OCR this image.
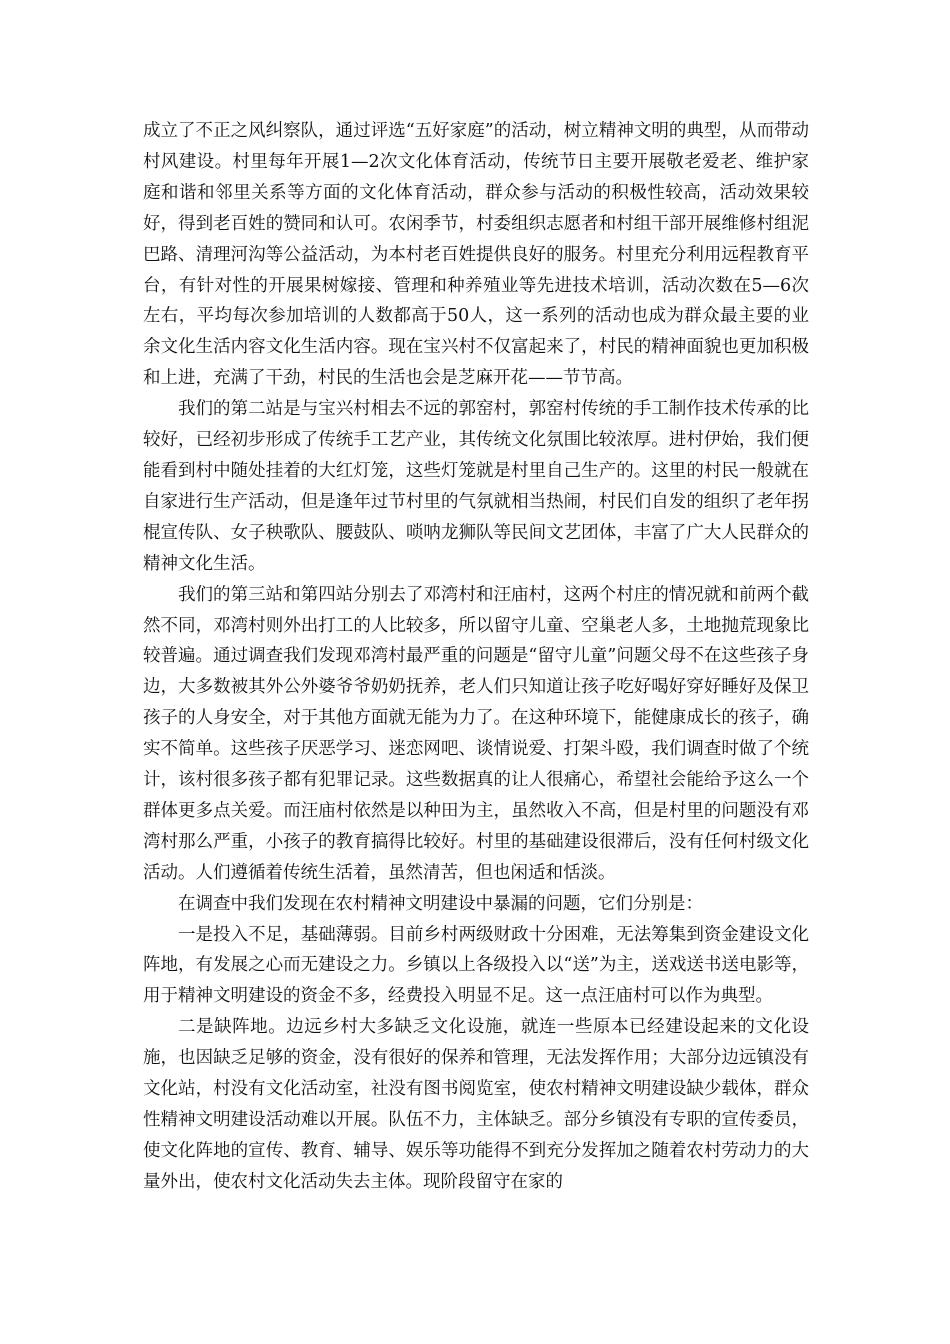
成立了不正之风纠察队，通过评选“五好家庭”的活动，树立精神文明的典型，从而带动村风建设。村里每年开展1—2次文化体育活动，传统节日主要开展敬老爱老、维护家庭和谐和邻里关系等方面的文化体育活动，群众参与活动的积极性较高，活动效果较好，得到老百姓的赞同和认可。农闲季节，村委组织志愿者和村组干部开展维修村组泥巴路、清理河沟等公益活动，为本村老百姓提供良好的服务。村里充分利用远程教育平台，有针对性的开展果树嫁接、管理和种养殖业等先进技术培训，活动次数在5—6次左右，平均每次参加培训的人数都高于50人，这一系列的活动也成为群众最主要的业余文化生活内容文化生活内容。现在宝兴村不仅富起来了，村民的精神面貌也更加积极和上进，充满了干劲，村民的生活也会是芝麻开花——节节高。

我们的第二站是与宝兴村相去不远的郭窑村，郭窑村传统的手工制作技术传承的比较好，已经初步形成了传统手工艺产业，其传统文化氛围比较浓厚。进村伊始，我们便能看到村中随处挂着的大红灯笼，这些灯笼就是村里自己生产的。这里的村民一般就在自家进行生产活动，但是逢年过节村里的气氛就相当热闹，村民们自发的组织了老年拐棍宣传队、女子秧歌队、腰鼓队、唢呐龙狮队等民间文艺团体，丰富了广大人民群众的精神文化生活。

我们的第三站和第四站分别去了邓湾村和汪庙村，这两个村庄的情况就和前两个截然不同，邓湾村则外出打工的人比较多，所以留守儿童、空巢老人多，土地抛荒现象比较普遍。通过调查我们发现邓湾村最严重的问题是“留守儿童”问题父母不在这些孩子身边，大多数被其外公外婆爷爷奶奶抚养，老人们只知道让孩子吃好喝好穿好睡好及保卫孩子的人身安全，对于其他方面就无能为力了。在这种环境下，能健康成长的孩子，确实不简单。这些孩子厌恶学习、迷恋网吧、谈情说爱、打架斗殴，我们调查时做了个统计，该村很多孩子都有犯罪记录。这些数据真的让人很痛心，希望社会能给予这么一个群体更多点关爱。而汪庙村依然是以种田为主，虽然收入不高，但是村里的问题没有邓湾村那么严重，小孩子的教育搞得比较好。村里的基础建设很滞后，没有任何村级文化活动。人们遵循着传统生活着，虽然清苦，但也闲适和恬淡。

在调查中我们发现在农村精神文明建设中暴漏的问题，它们分别是：

一是投入不足，基础薄弱。目前乡村两级财政十分困难，无法筹集到资金建设文化阵地，有发展之心而无建设之力。乡镇以上各级投入以“送”为主，送戏送书送电影等，用于精神文明建设的资金不多，经费投入明显不足。这一点汪庙村可以作为典型。

二是缺阵地。边远乡村大多缺乏文化设施，就连一些原本已经建设起来的文化设施，也因缺乏足够的资金，没有很好的保养和管理，无法发挥作用；大部分边远镇没有文化站，村没有文化活动室，社没有图书阅览室，使农村精神文明建设缺少载体，群众性精神文明建设活动难以开展。队伍不力，主体缺乏。部分乡镇没有专职的宣传委员，使文化阵地的宣传、教育、辅导、娱乐等功能得不到充分发挥加之随着农村劳动力的大量外出，使农村文化活动失去主体。现阶段留守在家的
